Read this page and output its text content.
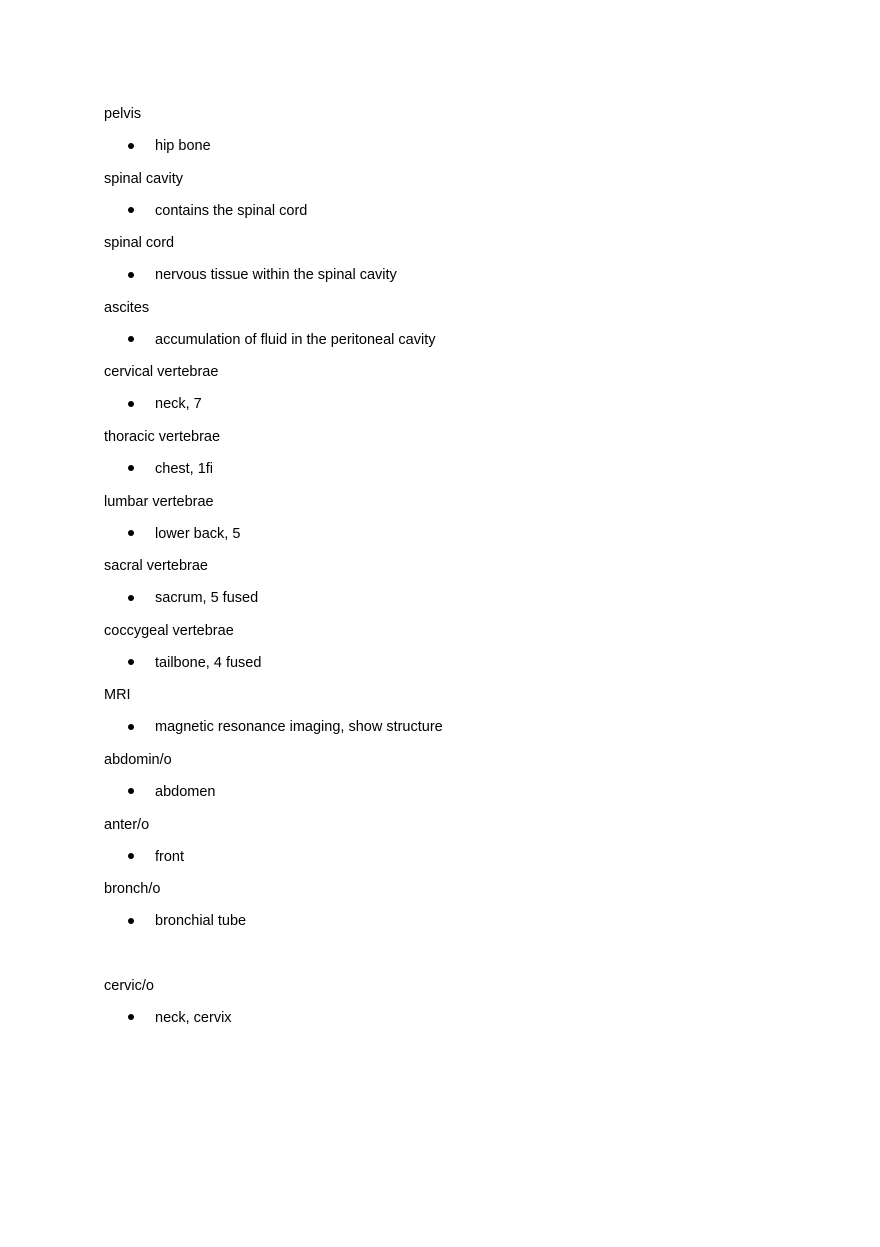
pelvis
hip bone
spinal cavity
contains the spinal cord
spinal cord
nervous tissue within the spinal cavity
ascites
accumulation of fluid in the peritoneal cavity
cervical vertebrae
neck, 7
thoracic vertebrae
chest, 1ﬁ
lumbar vertebrae
lower back, 5
sacral vertebrae
sacrum, 5 fused
coccygeal vertebrae
tailbone, 4 fused
MRI
magnetic resonance imaging, show structure
abdomin/o
abdomen
anter/o
front
bronch/o
bronchial tube
cervic/o
neck, cervix
